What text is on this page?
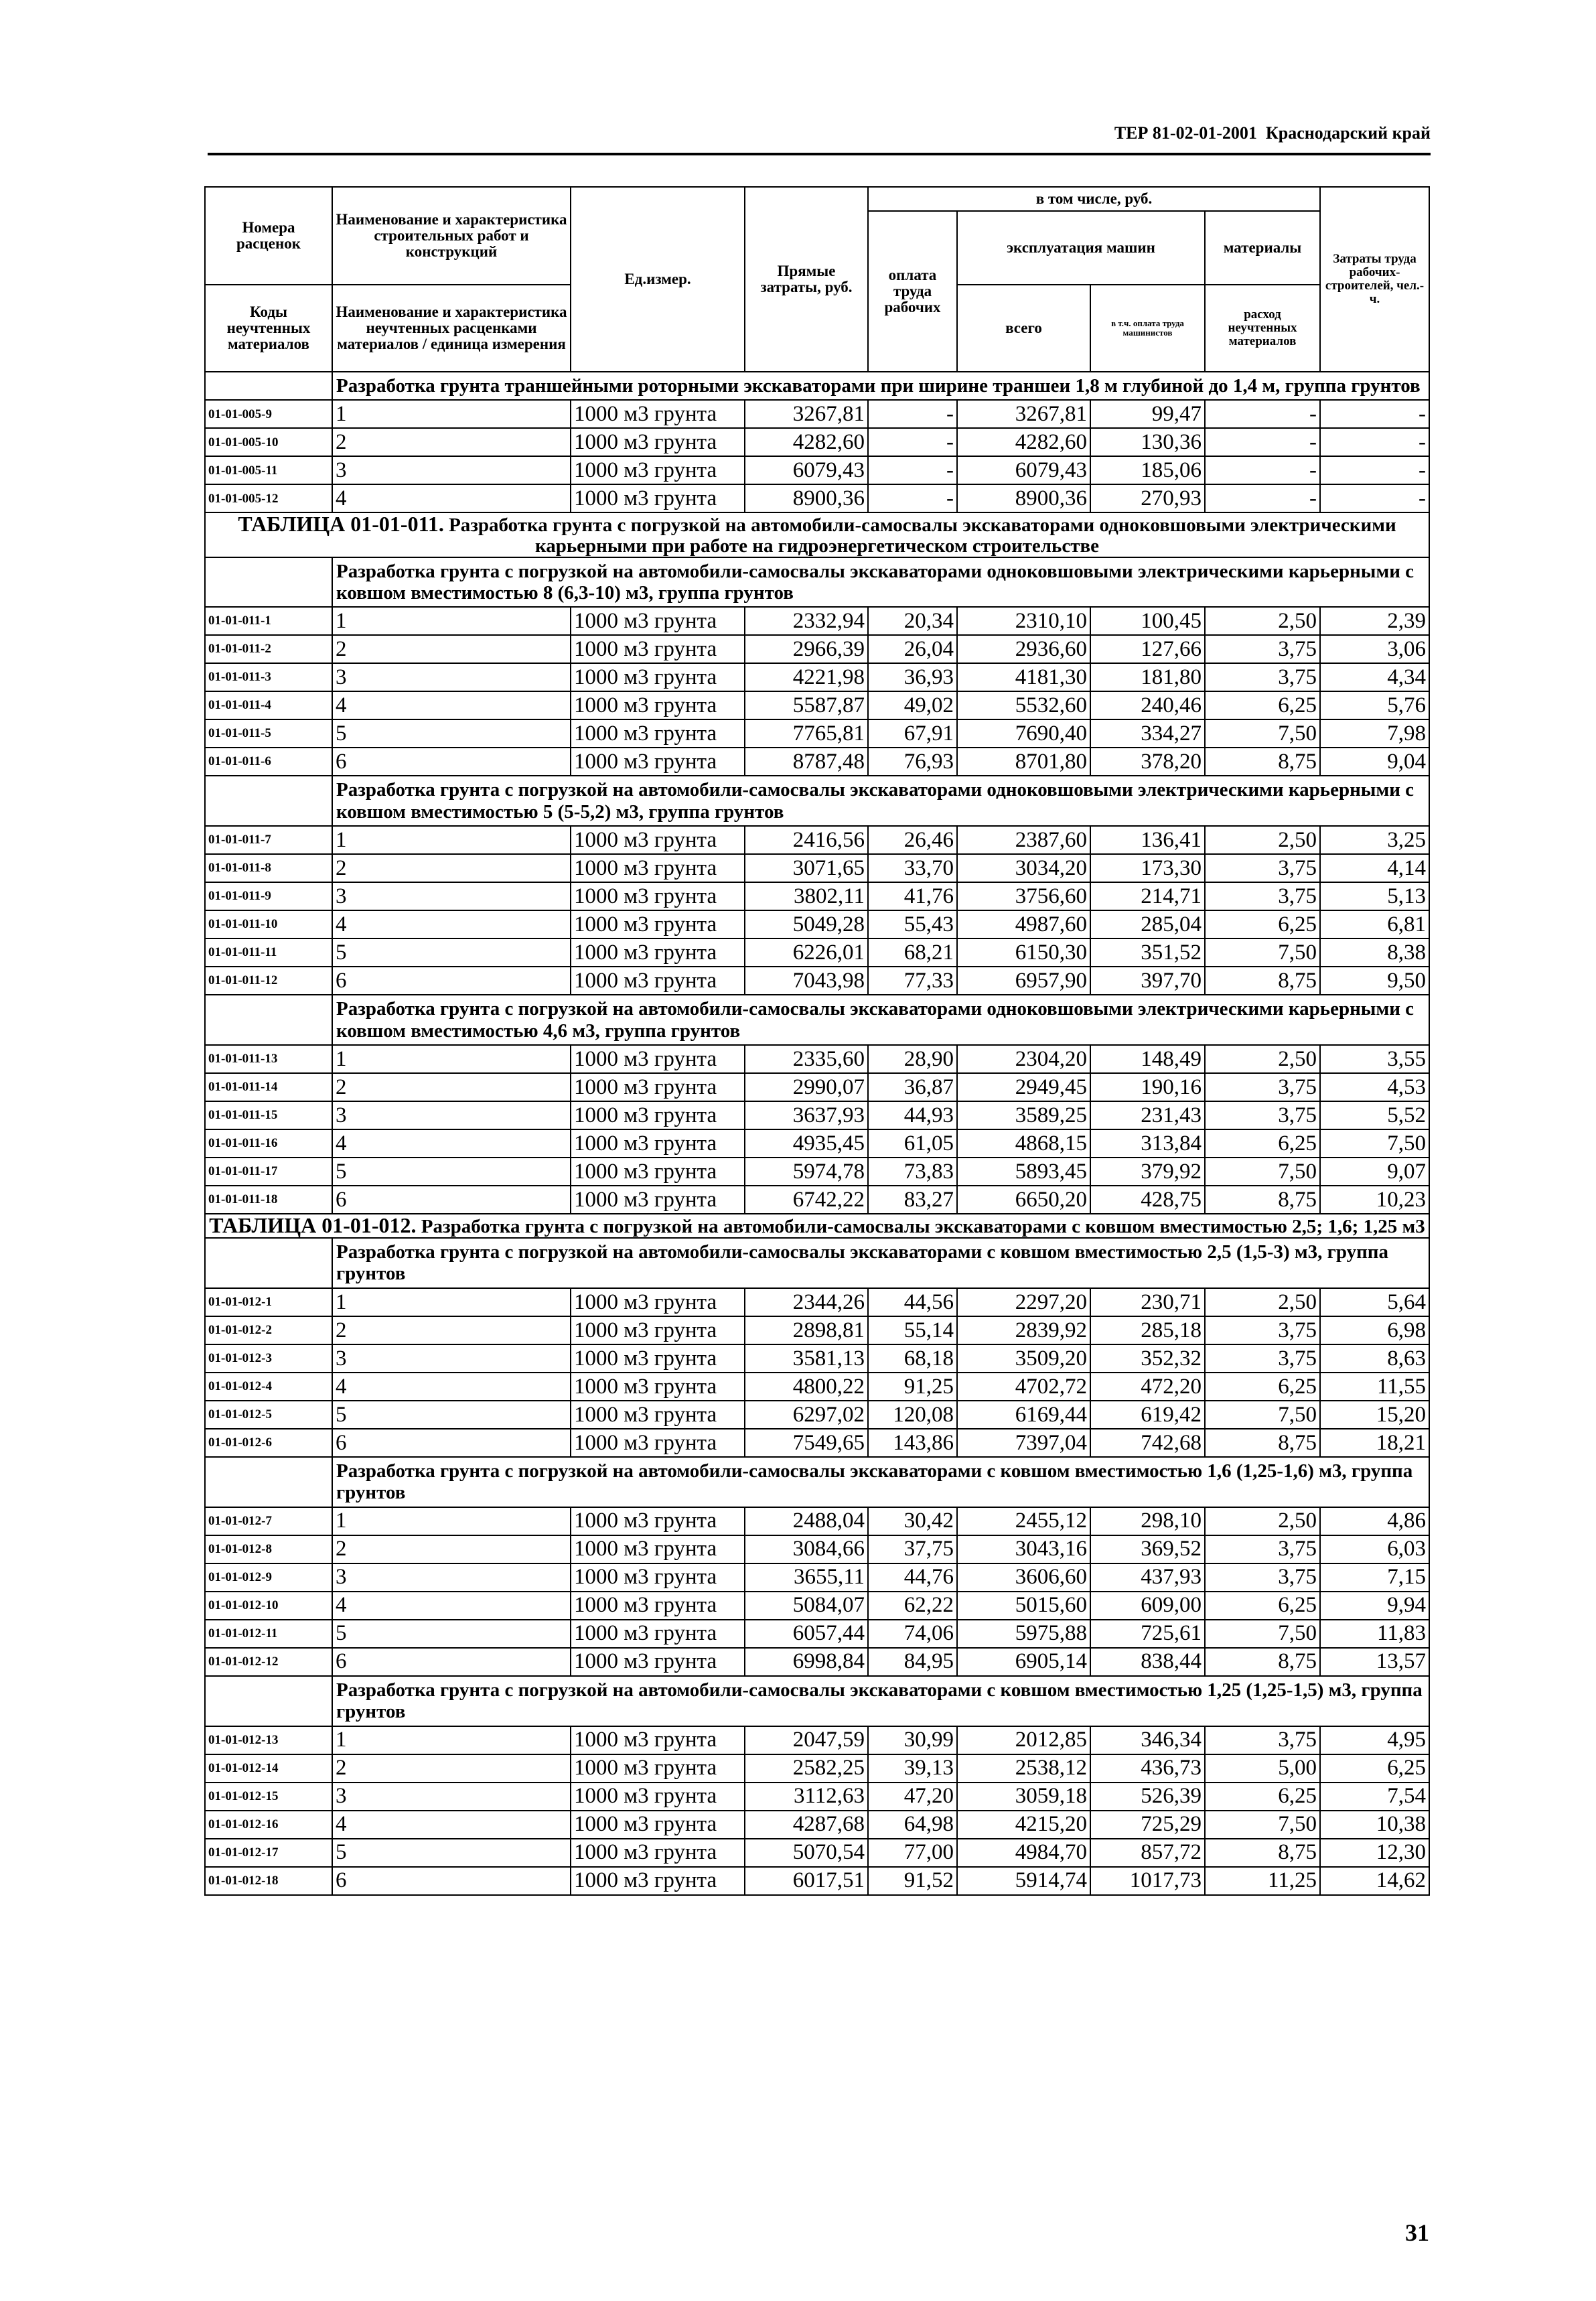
ТЕР 81-02-01-2001 Краснодарский край
Номера расценок	Наименование и характеристика строительных работ и конструкций	Ед.измер.	Прямые затраты, руб.	в том числе, руб.				Затраты труда рабочих-строителей, чел.-ч.
				оплата труда рабочих	эксплуатация машин		материалы	
Коды неучтенных материалов	Наименование и характеристика неучтенных расценками материалов / единица измерения				всего	в т.ч. оплата труда машинистов	расход неучтенных материалов	

	Разработка грунта траншейными роторными экскаваторами при ширине траншеи 1,8 м глубиной до 1,4 м, группа грунтов							
01-01-005-9	1	1000 м3 грунта	3267,81	-	3267,81	99,47	-	-
01-01-005-10	2	1000 м3 грунта	4282,60	-	4282,60	130,36	-	-
01-01-005-11	3	1000 м3 грунта	6079,43	-	6079,43	185,06	-	-
01-01-005-12	4	1000 м3 грунта	8900,36	-	8900,36	270,93	-	-
ТАБЛИЦА 01-01-011. Разработка грунта с погрузкой на автомобили-самосвалы экскаваторами одноковшовыми электрическими карьерными при работе на гидроэнергетическом строительстве								
	Разработка грунта с погрузкой на автомобили-самосвалы экскаваторами одноковшовыми электрическими карьерными с ковшом вместимостью 8 (6,3-10) м3, группа грунтов							
01-01-011-1	1	1000 м3 грунта	2332,94	20,34	2310,10	100,45	2,50	2,39
01-01-011-2	2	1000 м3 грунта	2966,39	26,04	2936,60	127,66	3,75	3,06
01-01-011-3	3	1000 м3 грунта	4221,98	36,93	4181,30	181,80	3,75	4,34
01-01-011-4	4	1000 м3 грунта	5587,87	49,02	5532,60	240,46	6,25	5,76
01-01-011-5	5	1000 м3 грунта	7765,81	67,91	7690,40	334,27	7,50	7,98
01-01-011-6	6	1000 м3 грунта	8787,48	76,93	8701,80	378,20	8,75	9,04
	Разработка грунта с погрузкой на автомобили-самосвалы экскаваторами одноковшовыми электрическими карьерными с ковшом вместимостью 5 (5-5,2) м3, группа грунтов							
01-01-011-7	1	1000 м3 грунта	2416,56	26,46	2387,60	136,41	2,50	3,25
01-01-011-8	2	1000 м3 грунта	3071,65	33,70	3034,20	173,30	3,75	4,14
01-01-011-9	3	1000 м3 грунта	3802,11	41,76	3756,60	214,71	3,75	5,13
01-01-011-10	4	1000 м3 грунта	5049,28	55,43	4987,60	285,04	6,25	6,81
01-01-011-11	5	1000 м3 грунта	6226,01	68,21	6150,30	351,52	7,50	8,38
01-01-011-12	6	1000 м3 грунта	7043,98	77,33	6957,90	397,70	8,75	9,50
	Разработка грунта с погрузкой на автомобили-самосвалы экскаваторами одноковшовыми электрическими карьерными с ковшом вместимостью 4,6 м3, группа грунтов							
01-01-011-13	1	1000 м3 грунта	2335,60	28,90	2304,20	148,49	2,50	3,55
01-01-011-14	2	1000 м3 грунта	2990,07	36,87	2949,45	190,16	3,75	4,53
01-01-011-15	3	1000 м3 грунта	3637,93	44,93	3589,25	231,43	3,75	5,52
01-01-011-16	4	1000 м3 грунта	4935,45	61,05	4868,15	313,84	6,25	7,50
01-01-011-17	5	1000 м3 грунта	5974,78	73,83	5893,45	379,92	7,50	9,07
01-01-011-18	6	1000 м3 грунта	6742,22	83,27	6650,20	428,75	8,75	10,23
ТАБЛИЦА 01-01-012. Разработка грунта с погрузкой на автомобили-самосвалы экскаваторами с ковшом вместимостью 2,5; 1,6; 1,25 м3								
	Разработка грунта с погрузкой на автомобили-самосвалы экскаваторами с ковшом вместимостью 2,5 (1,5-3) м3, группа грунтов							
01-01-012-1	1	1000 м3 грунта	2344,26	44,56	2297,20	230,71	2,50	5,64
01-01-012-2	2	1000 м3 грунта	2898,81	55,14	2839,92	285,18	3,75	6,98
01-01-012-3	3	1000 м3 грунта	3581,13	68,18	3509,20	352,32	3,75	8,63
01-01-012-4	4	1000 м3 грунта	4800,22	91,25	4702,72	472,20	6,25	11,55
01-01-012-5	5	1000 м3 грунта	6297,02	120,08	6169,44	619,42	7,50	15,20
01-01-012-6	6	1000 м3 грунта	7549,65	143,86	7397,04	742,68	8,75	18,21
	Разработка грунта с погрузкой на автомобили-самосвалы экскаваторами с ковшом вместимостью 1,6 (1,25-1,6) м3, группа грунтов							
01-01-012-7	1	1000 м3 грунта	2488,04	30,42	2455,12	298,10	2,50	4,86
01-01-012-8	2	1000 м3 грунта	3084,66	37,75	3043,16	369,52	3,75	6,03
01-01-012-9	3	1000 м3 грунта	3655,11	44,76	3606,60	437,93	3,75	7,15
01-01-012-10	4	1000 м3 грунта	5084,07	62,22	5015,60	609,00	6,25	9,94
01-01-012-11	5	1000 м3 грунта	6057,44	74,06	5975,88	725,61	7,50	11,83
01-01-012-12	6	1000 м3 грунта	6998,84	84,95	6905,14	838,44	8,75	13,57
	Разработка грунта с погрузкой на автомобили-самосвалы экскаваторами с ковшом вместимостью 1,25 (1,25-1,5) м3, группа грунтов							
01-01-012-13	1	1000 м3 грунта	2047,59	30,99	2012,85	346,34	3,75	4,95
01-01-012-14	2	1000 м3 грунта	2582,25	39,13	2538,12	436,73	5,00	6,25
01-01-012-15	3	1000 м3 грунта	3112,63	47,20	3059,18	526,39	6,25	7,54
01-01-012-16	4	1000 м3 грунта	4287,68	64,98	4215,20	725,29	7,50	10,38
01-01-012-17	5	1000 м3 грунта	5070,54	77,00	4984,70	857,72	8,75	12,30
01-01-012-18	6	1000 м3 грунта	6017,51	91,52	5914,74	1017,73	11,25	14,62
31
